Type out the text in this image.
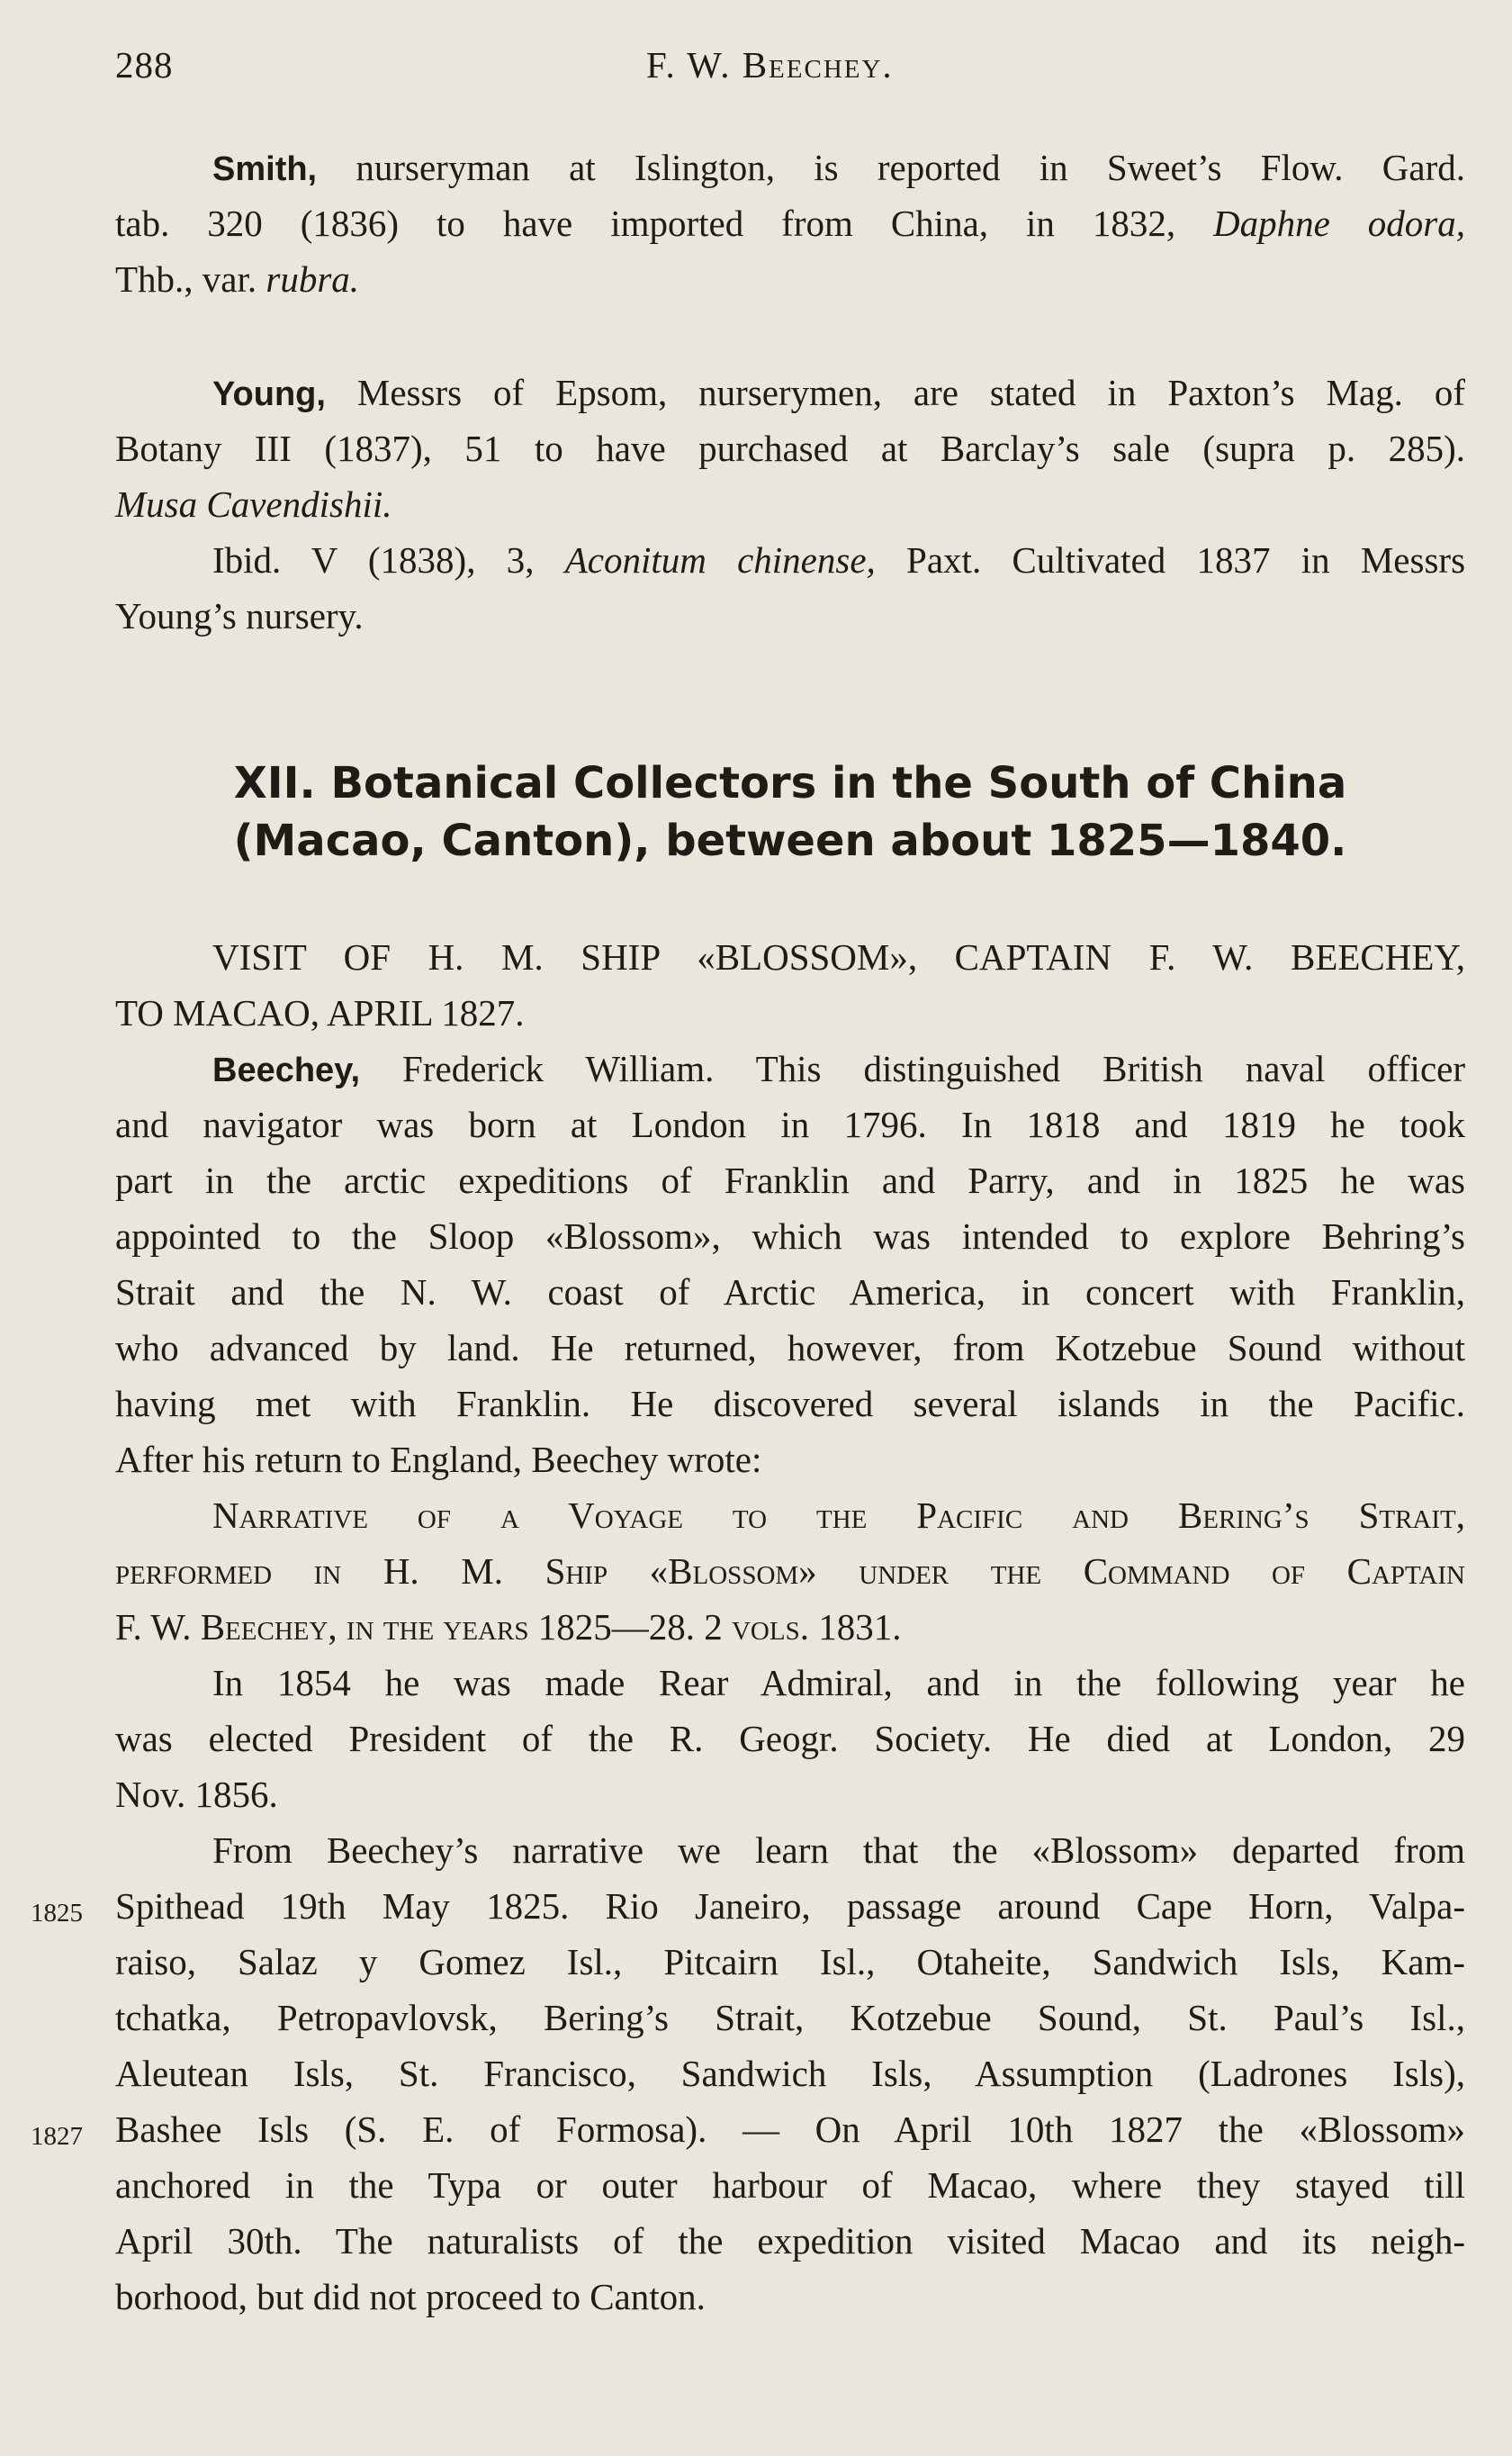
288	F. W. Beechey.
Smith, nurseryman at Islington, is reported in Sweet’s Flow. Gard.
tab. 320 (1836) to have imported from China, in 1832, Daphne odora,
Thb., var. rubra.
Young, Messrs of Epsom, nurserymen, are stated in Paxton’s Mag. of
Botany III (1837), 51 to have purchased at Barclay’s sale (supra p. 285).
Musa Cavendishii.
Ibid. V (1838), 3, Aconitum chinense, Paxt. Cultivated 1837 in Messrs
Young’s nursery.
XII. Botanical Collectors in the South of China
(Macao, Canton), between about 1825—1840.
VISIT OF H. M. SHIP «BLOSSOM», CAPTAIN F. W. BEECHEY,
TO MACAO, APRIL 1827.
Beechey, Frederick William. This distinguished British naval officer
and navigator was born at London in 1796. In 1818 and 1819 he took
part in the arctic expeditions of Franklin and Parry, and in 1825 he was
appointed to the Sloop «Blossom», which was intended to explore Behring’s
Strait and the N. W. coast of Arctic America, in concert with Franklin,
who advanced by land. He returned, however, from Kotzebue Sound without
having met with Franklin. He discovered several islands in the Pacific.
After his return to England, Beechey wrote:
Narrative of a Voyage to the Pacific and Bering’s Strait,
performed in H. M. Ship «Blossom» under the Command of Captain
F. W. Beechey, in the years 1825—28. 2 vols. 1831.
In 1854 he was made Rear Admiral, and in the following year he
was elected President of the R. Geogr. Society. He died at London, 29
Nov. 1856.
From Beechey’s narrative we learn that the «Blossom» departed from
Spithead 19th May 1825. Rio Janeiro, passage around Cape Horn, Valpa-
raiso, Salaz y Gomez Isl., Pitcairn Isl., Otaheite, Sandwich Isls, Kam-
tchatka, Petropavlovsk, Bering’s Strait, Kotzebue Sound, St. Paul’s Isl.,
Aleutean Isls, St. Francisco, Sandwich Isls, Assumption (Ladrones Isls),
Bashee Isls (S. E. of Formosa). — On April 10th 1827 the «Blossom»
anchored in the Typa or outer harbour of Macao, where they stayed till
April 30th. The naturalists of the expedition visited Macao and its neigh-
borhood, but did not proceed to Canton.
1825
1827
